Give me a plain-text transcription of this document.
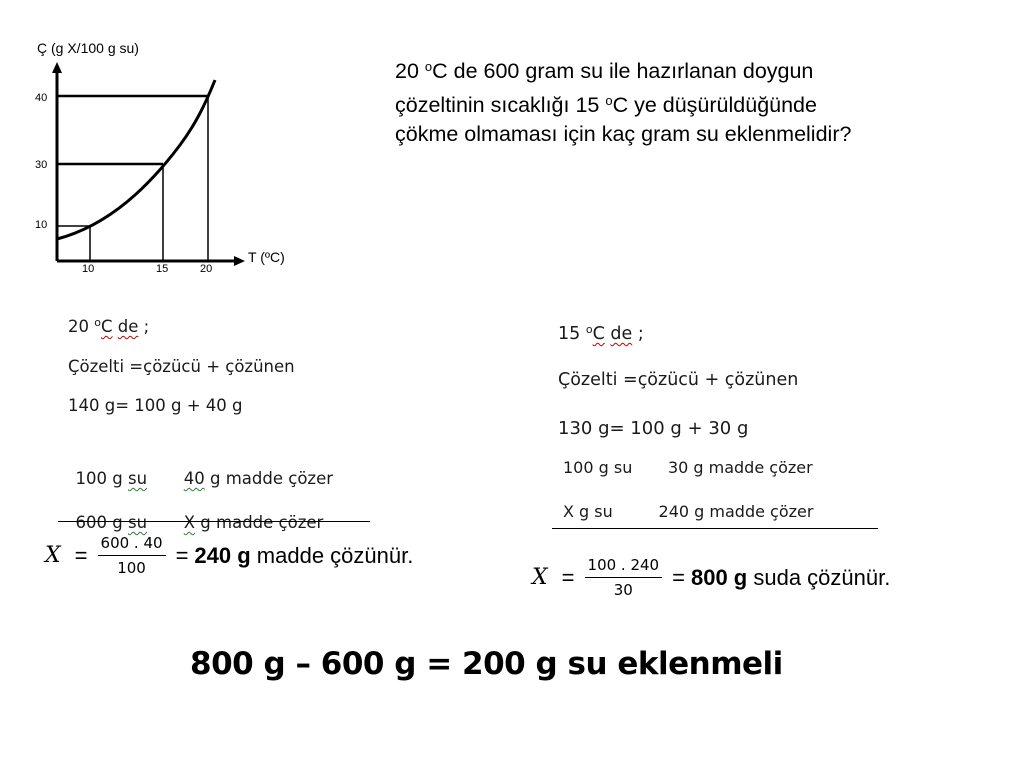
Ç (g X/100 g su)
T (ºC)
40
30
10
10	15	20
20 $^o$C de 600 gram su ile hazırlanan doygun
çözeltinin sıcaklığı 15 $^o$C ye düşürüldüğünde
çökme olmaması için kaç gram su eklenmelidir?
20 $^o$C de ;
Çözelti =çözücü + çözünen
140 g= 100 g + 40 g

100 g su 40 g madde çözer

600 g su X g madde çözer

$X = \frac{600 . 40}{100} = 240$ g madde çözünür.
15 $^o$C de ;
Çözelti =çözücü + çözünen
130 g= 100 g + 30 g
100 g su       30 g madde çözer
X g su         240 g madde çözer
$X = \frac{100 . 240}{30} = 800$ g suda çözünür.
800 g – 600 g = 200 g su eklenmeli
